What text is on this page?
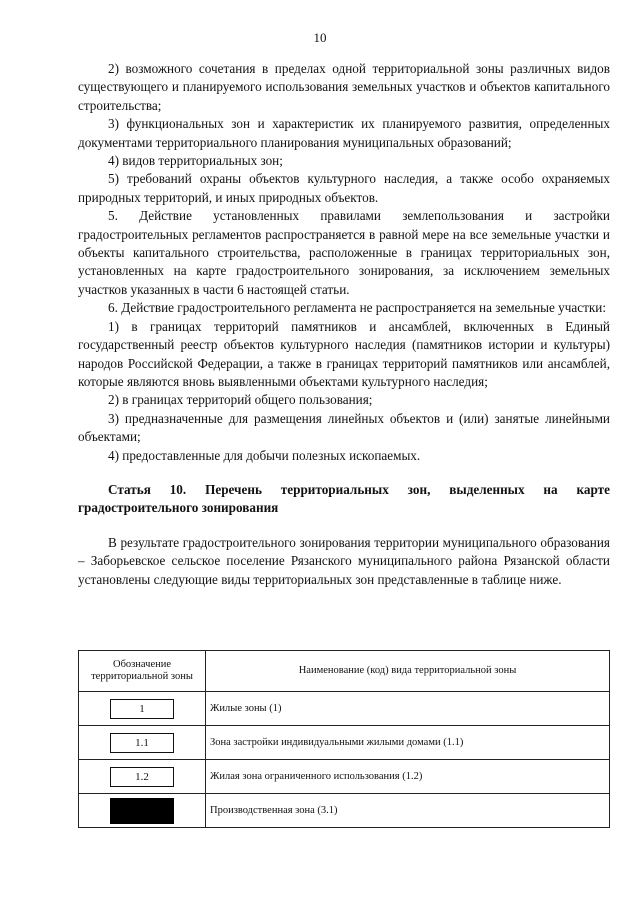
10

2) возможного сочетания в пределах одной территориальной зоны различных видов существующего и планируемого использования земельных участков и объектов капитального строительства;

3) функциональных зон и характеристик их планируемого развития, определенных документами территориального планирования муниципальных образований;

4) видов территориальных зон;

5) требований охраны объектов культурного наследия, а также особо охраняемых природных территорий, и иных природных объектов.

5. Действие установленных правилами землепользования и застройки градостроительных регламентов распространяется в равной мере на все земельные участки и объекты капитального строительства, расположенные в границах территориальных зон, установленных на карте градостроительного зонирования, за исключением земельных участков указанных в части 6 настоящей статьи.

6. Действие градостроительного регламента не распространяется на земельные участки:

1) в границах территорий памятников и ансамблей, включенных в Единый государственный реестр объектов культурного наследия (памятников истории и культуры) народов Российской Федерации, а также в границах территорий памятников или ансамблей, которые являются вновь выявленными объектами культурного наследия;

2) в границах территорий общего пользования;

3) предназначенные для размещения линейных объектов и (или) занятые линейными объектами;

4) предоставленные для добычи полезных ископаемых.

Статья 10. Перечень территориальных зон, выделенных на карте градостроительного зонирования

В результате градостроительного зонирования территории муниципального образования – Заборьевское сельское поселение Рязанского муниципального района Рязанской области установлены следующие виды территориальных зон представленные в таблице ниже.

Обозначение территориальной зоны	Наименование (код) вида территориальной зоны
1	Жилые зоны (1)
1.1	Зона застройки индивидуальными жилыми домами (1.1)
1.2	Жилая зона ограниченного использования (1.2)
	Производственная зона (3.1)
